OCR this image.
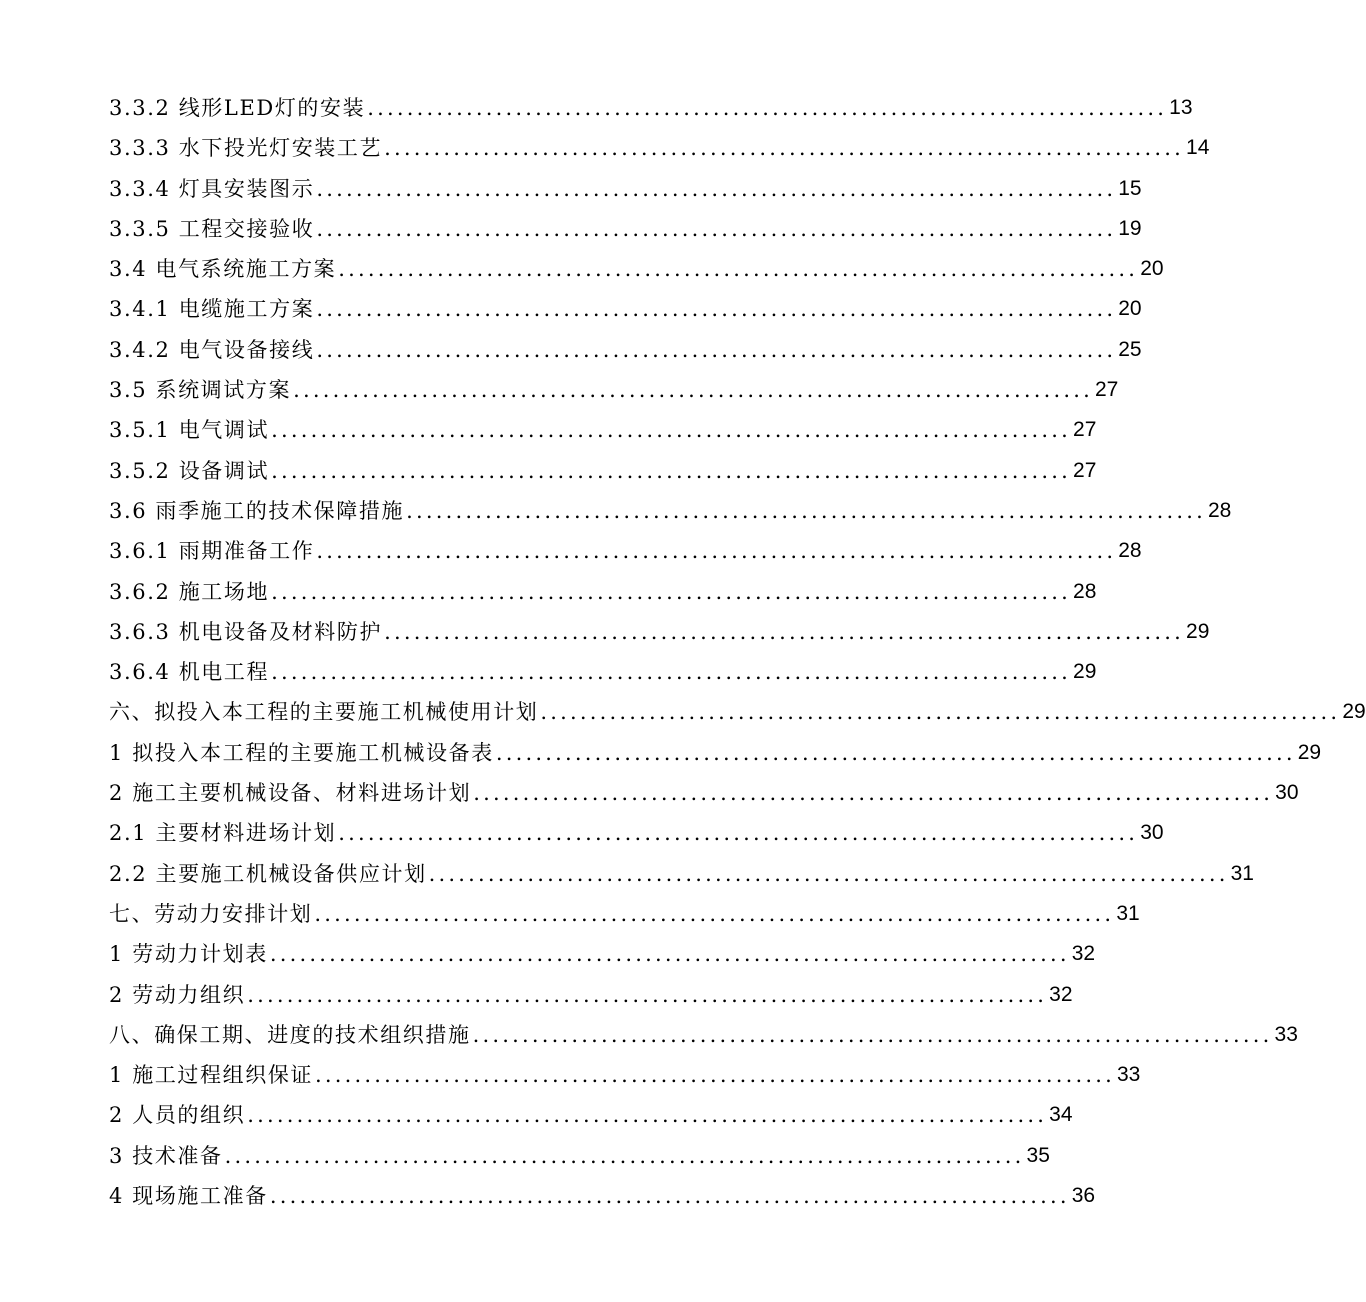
3.3.2 线形LED灯的安装 ................................................................................. 13
3.3.3 水下投光灯安装工艺 ................................................................................. 14
3.3.4 灯具安装图示 ................................................................................. 15
3.3.5 工程交接验收 ................................................................................. 19
3.4 电气系统施工方案 ................................................................................. 20
3.4.1 电缆施工方案 ................................................................................. 20
3.4.2 电气设备接线 ................................................................................. 25
3.5 系统调试方案 ................................................................................. 27
3.5.1 电气调试 ................................................................................. 27
3.5.2 设备调试 ................................................................................. 27
3.6 雨季施工的技术保障措施 ................................................................................. 28
3.6.1 雨期准备工作 ................................................................................. 28
3.6.2 施工场地 ................................................................................. 28
3.6.3 机电设备及材料防护 ................................................................................. 29
3.6.4 机电工程 ................................................................................. 29
六、拟投入本工程的主要施工机械使用计划 ................................................................................. 29
1 拟投入本工程的主要施工机械设备表 ................................................................................. 29
2 施工主要机械设备、材料进场计划 ................................................................................. 30
2.1 主要材料进场计划 ................................................................................. 30
2.2 主要施工机械设备供应计划 ................................................................................. 31
七、劳动力安排计划 ................................................................................. 31
1 劳动力计划表 ................................................................................. 32
2 劳动力组织 ................................................................................. 32
八、确保工期、进度的技术组织措施 ................................................................................. 33
1 施工过程组织保证 ................................................................................. 33
2 人员的组织 ................................................................................. 34
3 技术准备 ................................................................................. 35
4 现场施工准备 ................................................................................. 36
